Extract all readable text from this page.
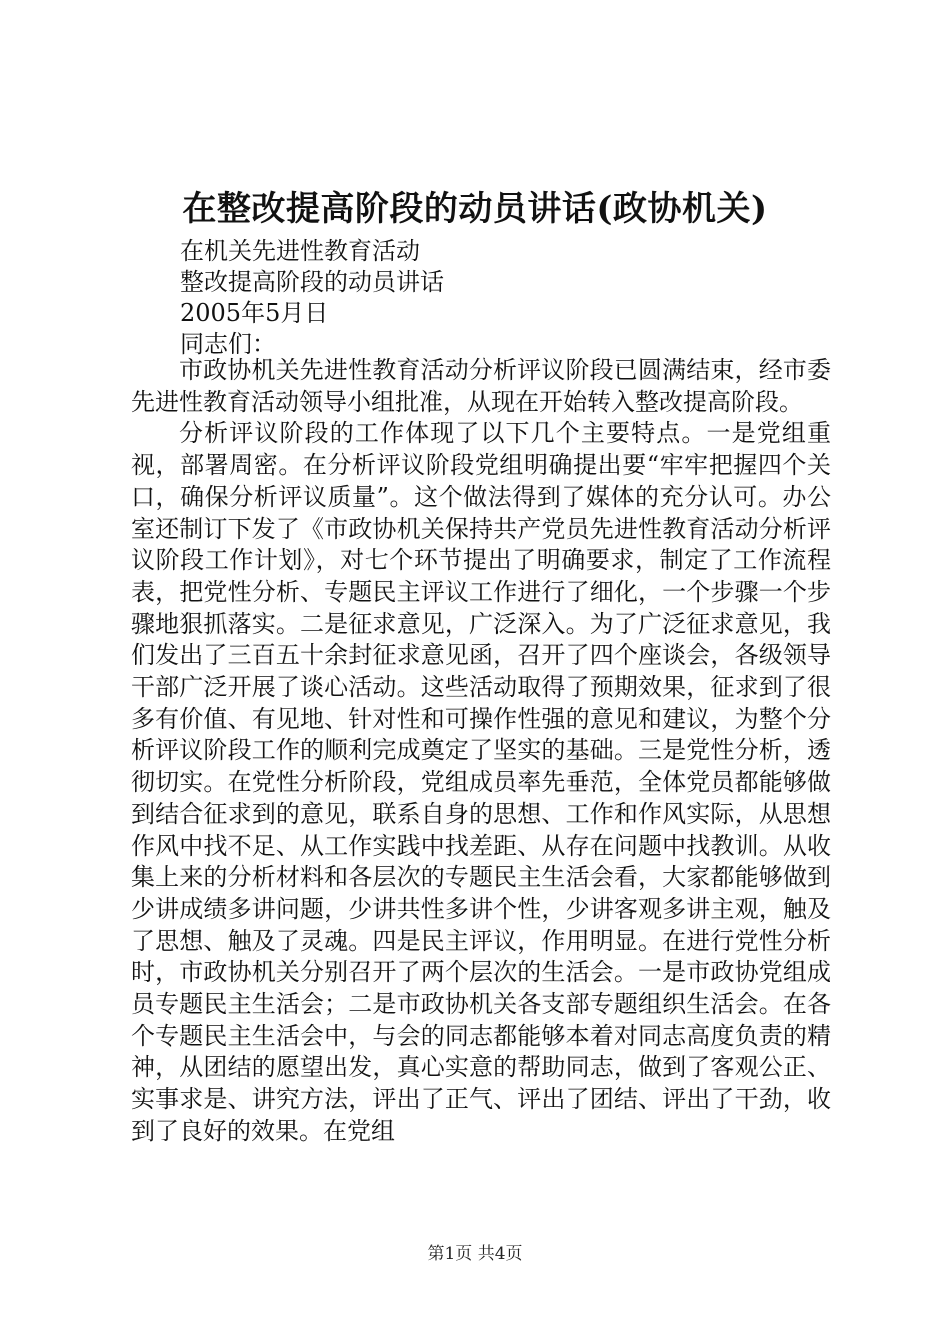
在整改提高阶段的动员讲话(政协机关)
在机关先进性教育活动
整改提高阶段的动员讲话
2005年5月日
同志们：

市政协机关先进性教育活动分析评议阶段已圆满结束，经市委先进性教育活动领导小组批准，从现在开始转入整改提高阶段。

分析评议阶段的工作体现了以下几个主要特点。一是党组重视，部署周密。在分析评议阶段党组明确提出要“牢牢把握四个关口，确保分析评议质量”。这个做法得到了媒体的充分认可。办公室还制订下发了《市政协机关保持共产党员先进性教育活动分析评议阶段工作计划》，对七个环节提出了明确要求，制定了工作流程表，把党性分析、专题民主评议工作进行了细化，一个步骤一个步骤地狠抓落实。二是征求意见，广泛深入。为了广泛征求意见，我们发出了三百五十余封征求意见函，召开了四个座谈会，各级领导干部广泛开展了谈心活动。这些活动取得了预期效果，征求到了很多有价值、有见地、针对性和可操作性强的意见和建议，为整个分析评议阶段工作的顺利完成奠定了坚实的基础。三是党性分析，透彻切实。在党性分析阶段，党组成员率先垂范，全体党员都能够做到结合征求到的意见，联系自身的思想、工作和作风实际，从思想作风中找不足、从工作实践中找差距、从存在问题中找教训。从收集上来的分析材料和各层次的专题民主生活会看，大家都能够做到少讲成绩多讲问题，少讲共性多讲个性，少讲客观多讲主观，触及了思想、触及了灵魂。四是民主评议，作用明显。在进行党性分析时，市政协机关分别召开了两个层次的生活会。一是市政协党组成员专题民主生活会；二是市政协机关各支部专题组织生活会。在各个专题民主生活会中，与会的同志都能够本着对同志高度负责的精神，从团结的愿望出发，真心实意的帮助同志，做到了客观公正、实事求是、讲究方法，评出了正气、评出了团结、评出了干劲，收到了良好的效果。在党组

第1页 共4页
